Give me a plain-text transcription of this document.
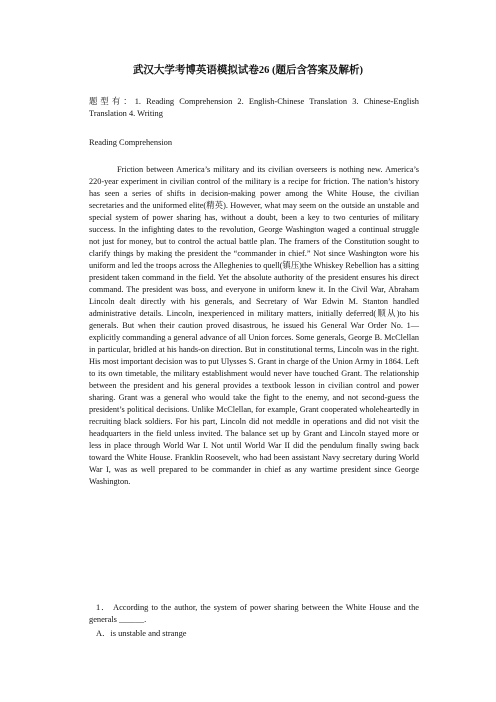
武汉大学考博英语模拟试卷26 (题后含答案及解析)
题型有：1. Reading Comprehension 2. English-Chinese Translation 3. Chinese-English Translation 4. Writing
Reading Comprehension

Friction between America’s military and its civilian overseers is nothing new. America’s 220-year experiment in civilian control of the military is a recipe for friction. The nation’s history has seen a series of shifts in decision-making power among the White House, the civilian secretaries and the uniformed elite(精英). However, what may seem on the outside an unstable and special system of power sharing has, without a doubt, been a key to two centuries of military success. In the infighting dates to the revolution, George Washington waged a continual struggle not just for money, but to control the actual battle plan. The framers of the Constitution sought to clarify things by making the president the “commander in chief.” Not since Washington wore his uniform and led the troops across the Alleghenies to quell(镇压)the Whiskey Rebellion has a sitting president taken command in the field. Yet the absolute authority of the president ensures his direct command. The president was boss, and everyone in uniform knew it. In the Civil War, Abraham Lincoln dealt directly with his generals, and Secretary of War Edwin M. Stanton handled administrative details. Lincoln, inexperienced in military matters, initially deferred(顺从)to his generals. But when their caution proved disastrous, he issued his General War Order No. 1—explicitly commanding a general advance of all Union forces. Some generals, George B. McClellan in particular, bridled at his hands-on direction. But in constitutional terms, Lincoln was in the right. His most important decision was to put Ulysses S. Grant in charge of the Union Army in 1864. Left to its own timetable, the military establishment would never have touched Grant. The relationship between the president and his general provides a textbook lesson in civilian control and power sharing. Grant was a general who would take the fight to the enemy, and not second-guess the president’s political decisions. Unlike McClellan, for example, Grant cooperated wholeheartedly in recruiting black soldiers. For his part, Lincoln did not meddle in operations and did not visit the headquarters in the field unless invited. The balance set up by Grant and Lincoln stayed more or less in place through World War I. Not until World War II did the pendulum finally swing back toward the White House. Franklin Roosevelt, who had been assistant Navy secretary during World War I, was as well prepared to be commander in chief as any wartime president since George Washington.

1． According to the author, the system of power sharing between the White House and the generals ______.

A．is unstable and strange
